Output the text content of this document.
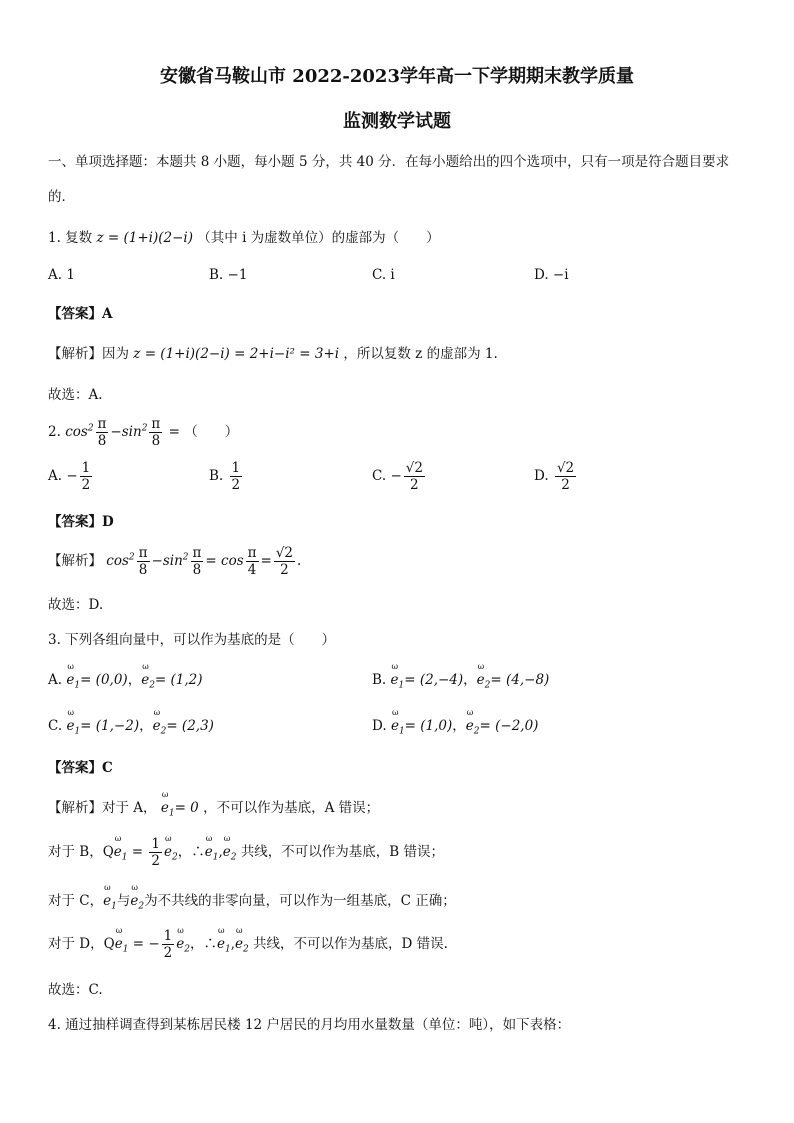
安徽省马鞍山市 2022-2023学年高一下学期期末教学质量
监测数学试题
一、单项选择题：本题共 8 小题，每小题 5 分，共 40 分．在每小题给出的四个选项中，只有一项是符合题目要求
的．
1. 复数 z = (1+i)(2−i) （其中 i 为虚数单位）的虚部为（　　）
A. 1	B. −1	C. i	D. −i
【答案】A
【解析】因为 z = (1+i)(2−i) = 2+i−i² = 3+i ，所以复数 z 的虚部为 1.
故选：A.
2. $\cos^2 \frac{\pi}{8} -\sin^2 \frac{\pi}{8}$ = （　　）
A. − $\frac{1}{2}$	B. $\frac{1}{2}$	C. − $\frac{√2}{2}$	D. $\frac{√2}{2}$
【答案】D
【解析】 $\cos^2 \frac{\pi}{8} -\sin^2 \frac{\pi}{8} = \cos \frac{\pi}{4} = \frac{√2}{2}$ .
故选：D.
3. 下列各组向量中，可以作为基底的是（　　）
A. ω $e_1= (0,0)$，ω $e_2= (1,2)$	B. ω $e_1= (2,-4)$，ω $e_2= (4,-8)$
C. ω $e_1= (1,-2)$，ω $e_2= (2,3)$	D. ω $e_1= (1,0)$，ω $e_2= (-2,0)$
【答案】C
【解析】对于 A， ω $e_1= 0$ ，不可以作为基底，A 错误；
对于 B，Qω $e_1 = \frac{1}{2}$ ω $e_2$，∴ω $e_1,\omega$ $e_2$ 共线，不可以作为基底，B 错误；
对于 C，ω $e_1$与ω $e_2$为不共线的非零向量，可以作为一组基底，C 正确；
对于 D，Qω $e_1$ = − $\frac{1}{2}$ ω $e_2$，∴ω $e_1,\omega$ $e_2$ 共线，不可以作为基底，D 错误.
故选：C.
4. 通过抽样调查得到某栋居民楼 12 户居民的月均用水量数量（单位：吨），如下表格：
